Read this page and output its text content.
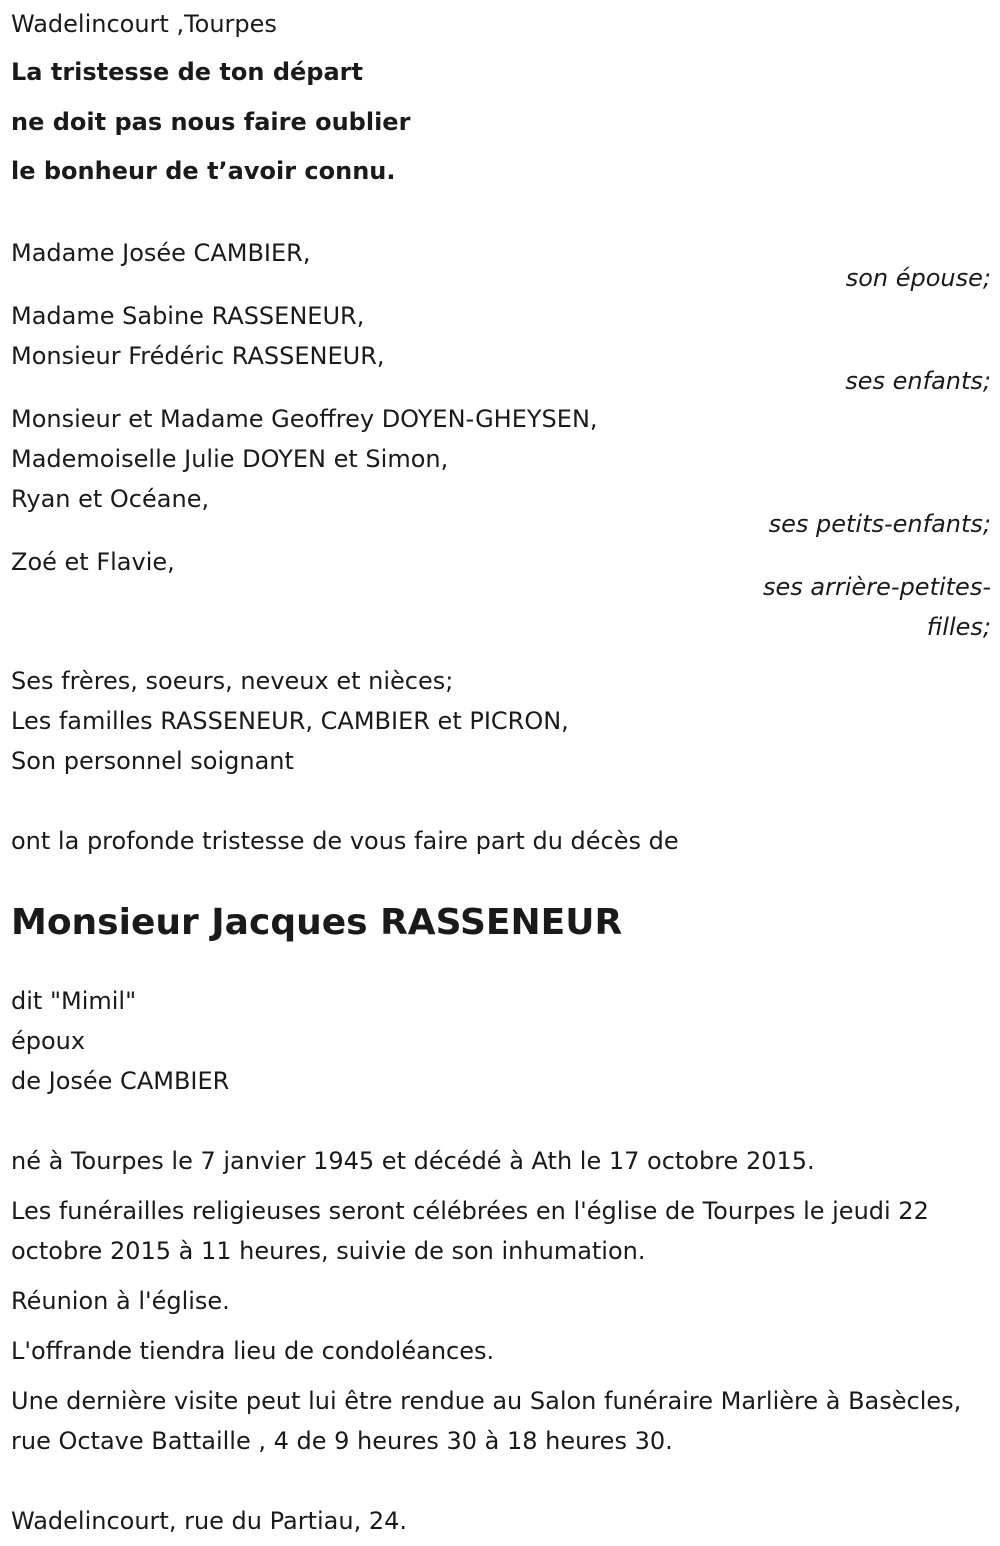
Wadelincourt ,Tourpes
La tristesse de ton départ
ne doit pas nous faire oublier
le bonheur de t’avoir connu.
Madame Josée CAMBIER,
son épouse;
Madame Sabine RASSENEUR,
Monsieur Frédéric RASSENEUR,
ses enfants;
Monsieur et Madame Geoffrey DOYEN-GHEYSEN,
Mademoiselle Julie DOYEN et Simon,
Ryan et Océane,
ses petits-enfants;
Zoé et Flavie,
ses arrière-petites-
filles;
Ses frères, soeurs, neveux et nièces;
Les familles RASSENEUR, CAMBIER et PICRON,
Son personnel soignant
ont la profonde tristesse de vous faire part du décès de
Monsieur Jacques RASSENEUR
dit "Mimil"
époux
de Josée CAMBIER
né à Tourpes le 7 janvier 1945 et décédé à Ath le 17 octobre 2015.
Les funérailles religieuses seront célébrées en l'église de Tourpes le jeudi 22 octobre 2015 à 11 heures, suivie de son inhumation.
Réunion à l'église.
L'offrande tiendra lieu de condoléances.
Une dernière visite peut lui être rendue au Salon funéraire Marlière à Basècles, rue Octave Battaille , 4 de 9 heures 30 à 18 heures 30.
Wadelincourt, rue du Partiau, 24.
